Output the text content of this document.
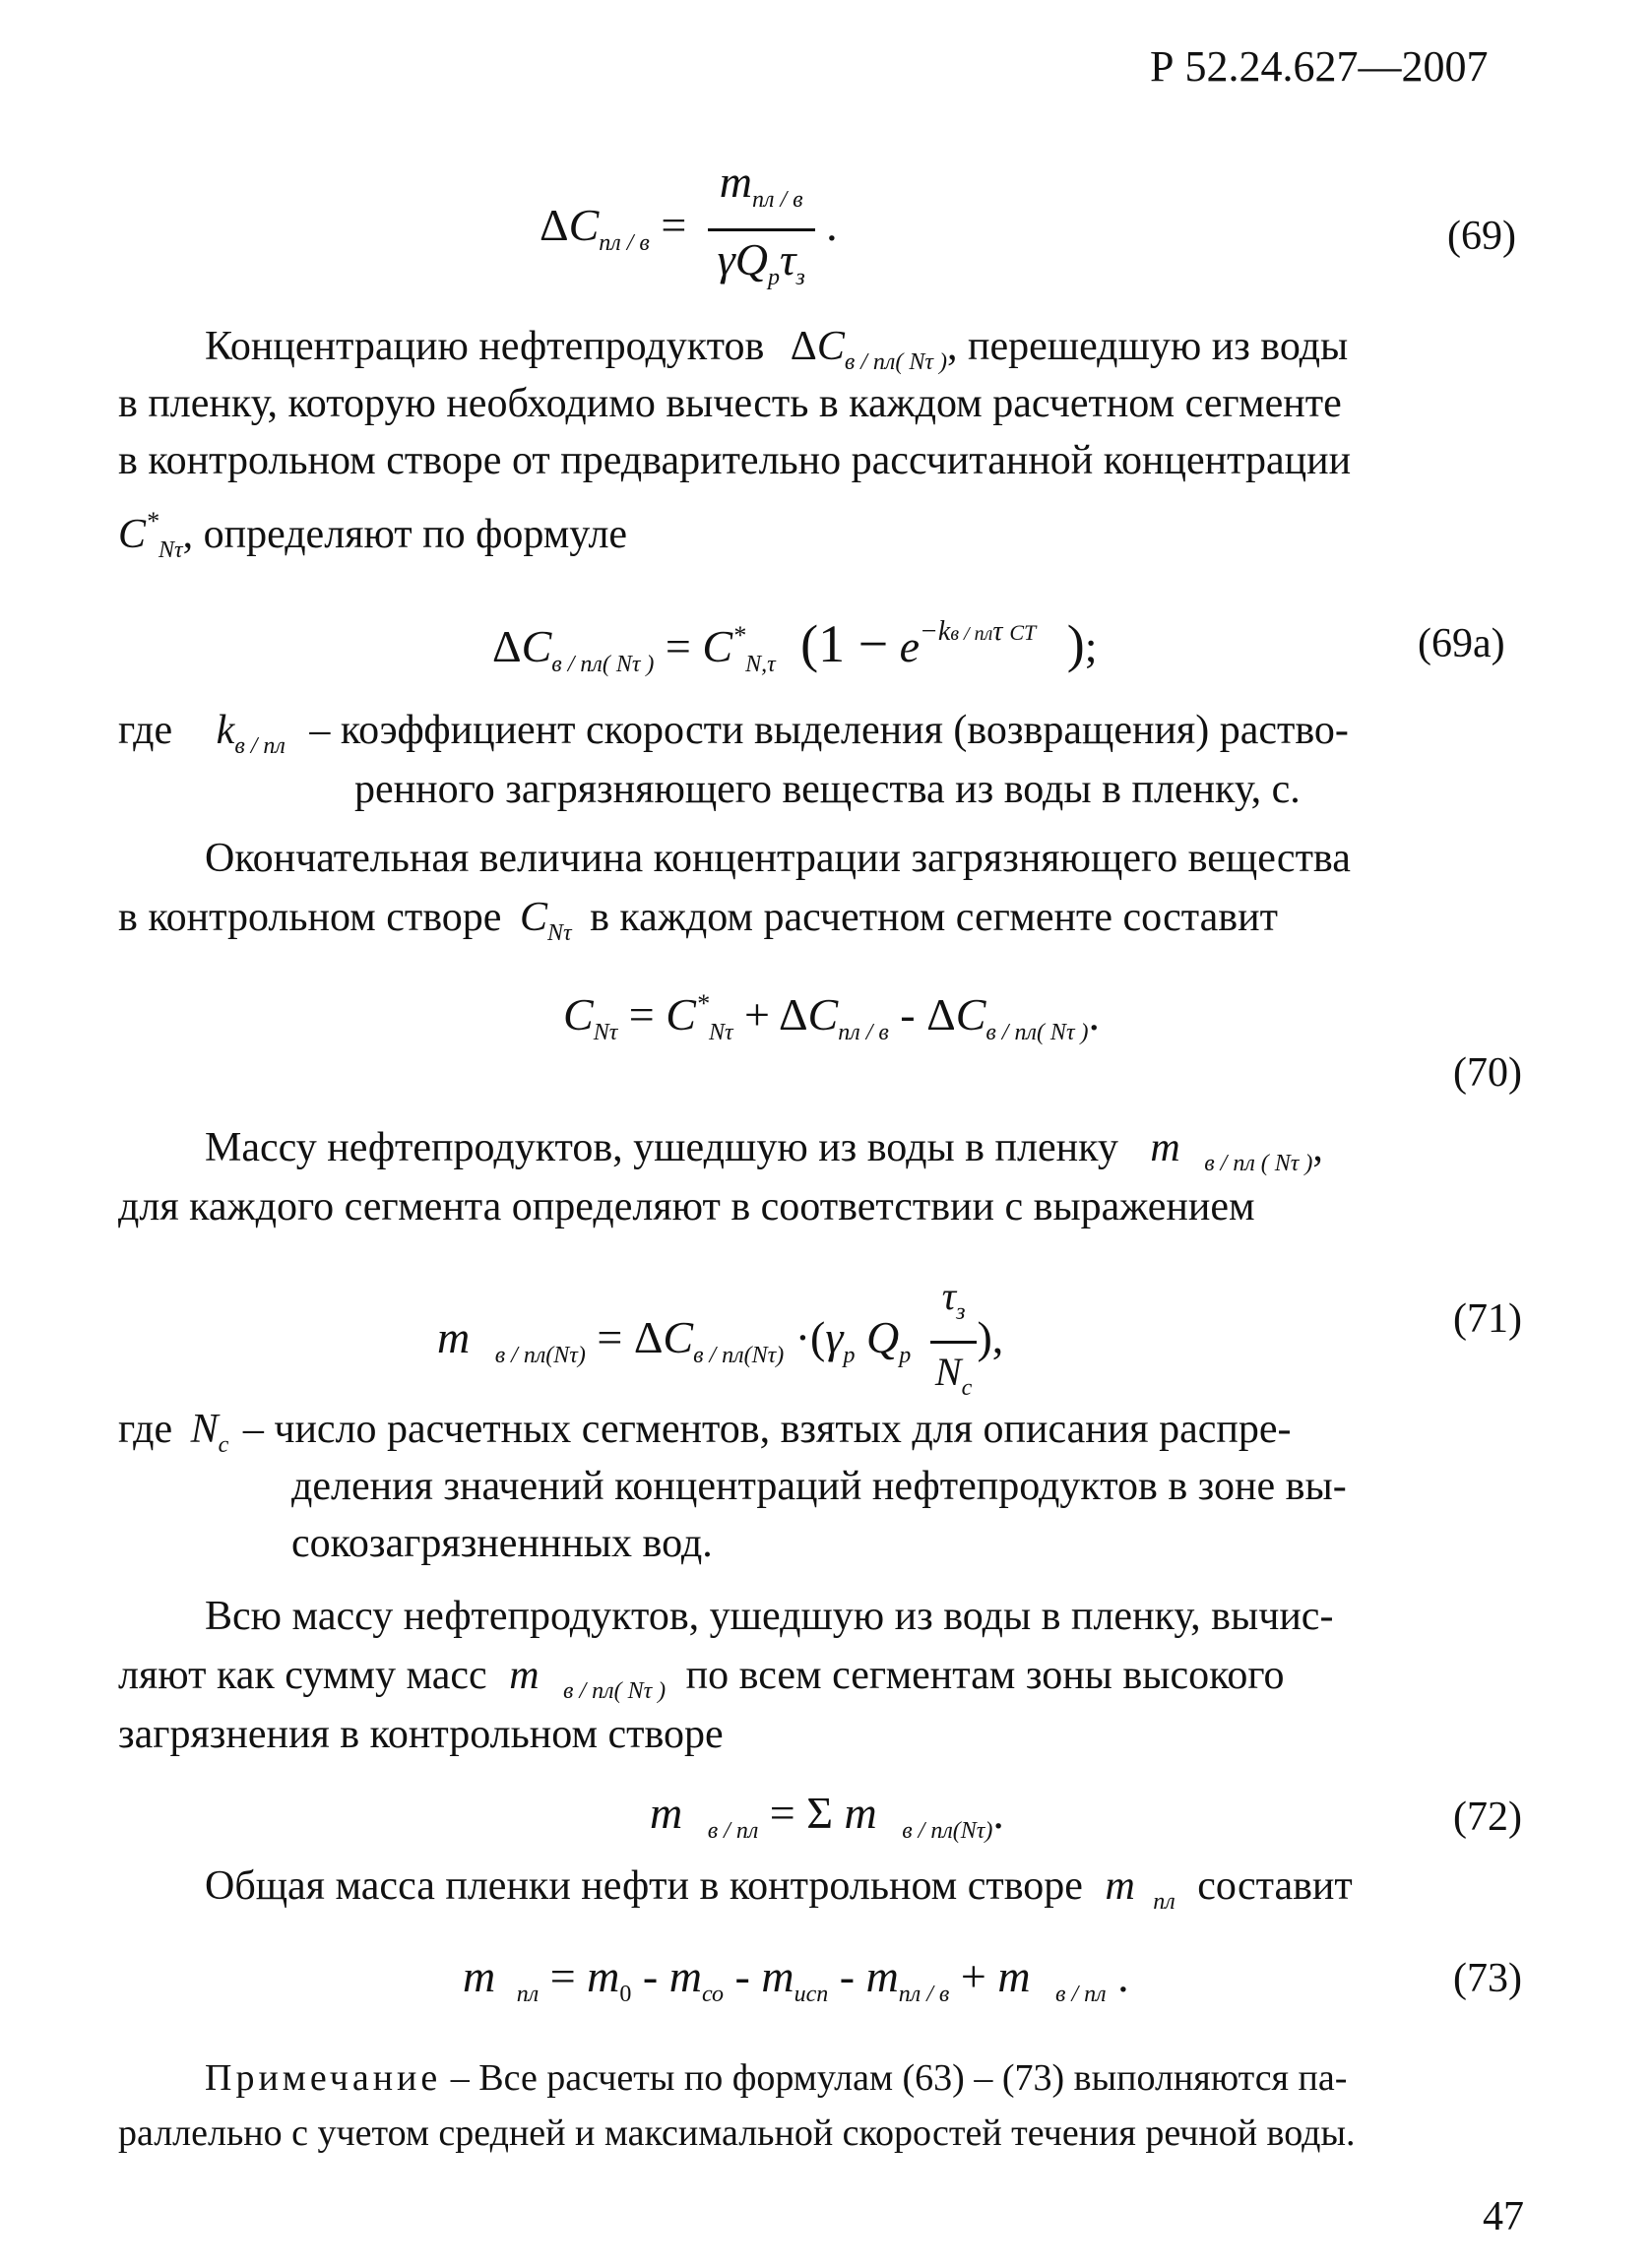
Р 52.24.627—2007
$\Delta C_{пл / в} = \frac{m_{пл / в}}{\gamma Q_p\tau_з}$ .	(69)
Концентрацию нефтепродуктов $\Delta C_{в / пл( N\tau )}$, перешедшую из воды
в пленку, которую необходимо вычесть в каждом расчетном сегменте
в контрольном створе от предварительно рассчитанной концентрации
$C^*_{N\tau}$, определяют по формуле
$\Delta C_{в / пл( N\tau )} = C^*_{N,\tau}$ ($1 - e^{-kв / пл\tau CT}$ );	(69а)
где $k_{в / пл}$ – коэффициент скорости выделения (возвращения) раство-
ренного загрязняющего вещества из воды в пленку, с.
Окончательная величина концентрации загрязняющего вещества
в контрольном створе $C_{N\tau}$ в каждом расчетном сегменте составит
$C_{N\tau} = C^*_{N\tau} + \Delta C_{пл / в} - \Delta C_{в / пл( N\tau )}$.
(70)
Массу нефтепродуктов, ушедшую из воды в пленку m $_{в / пл ( N\tau )}$,
для каждого сегмента определяют в соответствии с выражением
m $_{в / пл(N\tau)} = \Delta C_{в / пл(N\tau)} \cdot(\gamma_р$ $Q_р \frac{\tau_з}{N_с}$ ),	(71)
где $N_с$ – число расчетных сегментов, взятых для описания распре-
деления значений концентраций нефтепродуктов в зоне вы-
сокозагрязненнных вод.
Всю массу нефтепродуктов, ушедшую из воды в пленку, вычис-
ляют как сумму масс m $_{в / пл( N\tau )}$ по всем сегментам зоны высокого
загрязнения в контрольном створе
m $_{в / пл}$ = Σ m $_{в / пл(N\tau)}$.	(72)
Общая масса пленки нефти в контрольном створе m $_{пл}$ составит
m $_{пл} = m_0 - m_{со} - m_{исп} - m_{пл / в} + m$ $_{в / пл}$ .	(73)
Примечание – Все расчеты по формулам (63) – (73) выполняются па-
раллельно с учетом средней и максимальной скоростей течения речной воды.
47
